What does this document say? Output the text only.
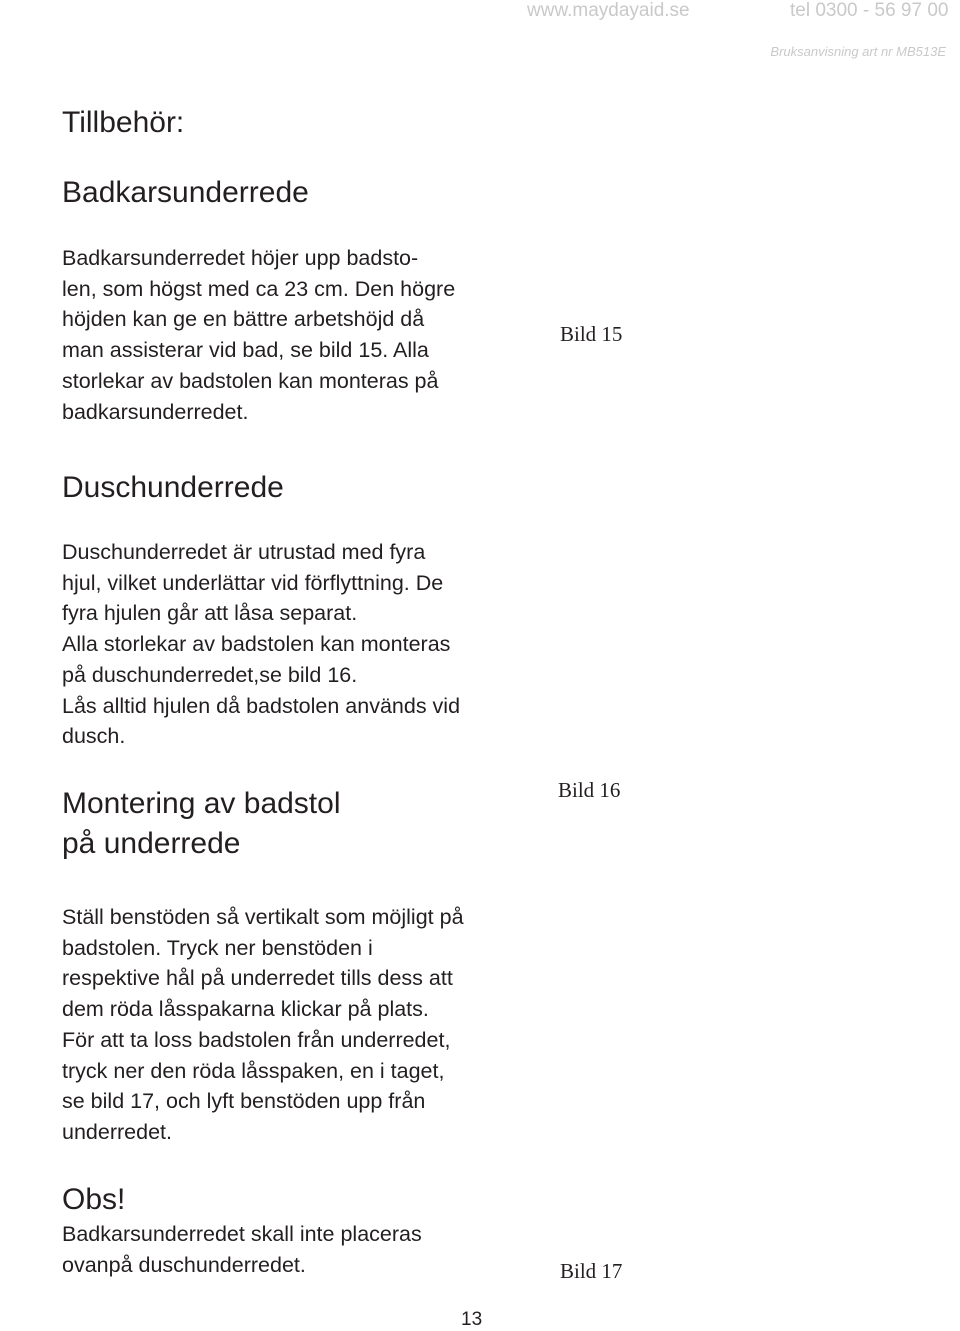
www.maydayaid.se	tel 0300 - 56 97 00
Bruksanvisning art nr MB513E
Tillbehör:
Badkarsunderrede
Badkarsunderredet höjer upp badsto-
len, som högst med ca 23 cm. Den högre
höjden kan ge en bättre arbetshöjd då
man assisterar vid bad, se bild 15. Alla
storlekar av badstolen kan monteras på
badkarsunderredet.
Bild 15
Duschunderrede
Duschunderredet är utrustad med fyra
hjul, vilket underlättar vid förflyttning. De
fyra hjulen går att låsa separat.
Alla storlekar av badstolen kan monteras
på duschunderredet,se bild 16.
Lås alltid hjulen då badstolen används vid
dusch.
Montering av badstol
på underrede
Bild 16
Ställ benstöden så vertikalt som möjligt på
badstolen. Tryck ner benstöden i
respektive hål på underredet tills dess att
dem röda låsspakarna klickar på plats.
För att ta loss badstolen från underredet,
tryck ner den röda låsspaken, en i taget,
se bild 17, och lyft benstöden upp från
underredet.
Obs!
Badkarsunderredet skall inte placeras
ovanpå duschunderredet.	Bild 17
13
